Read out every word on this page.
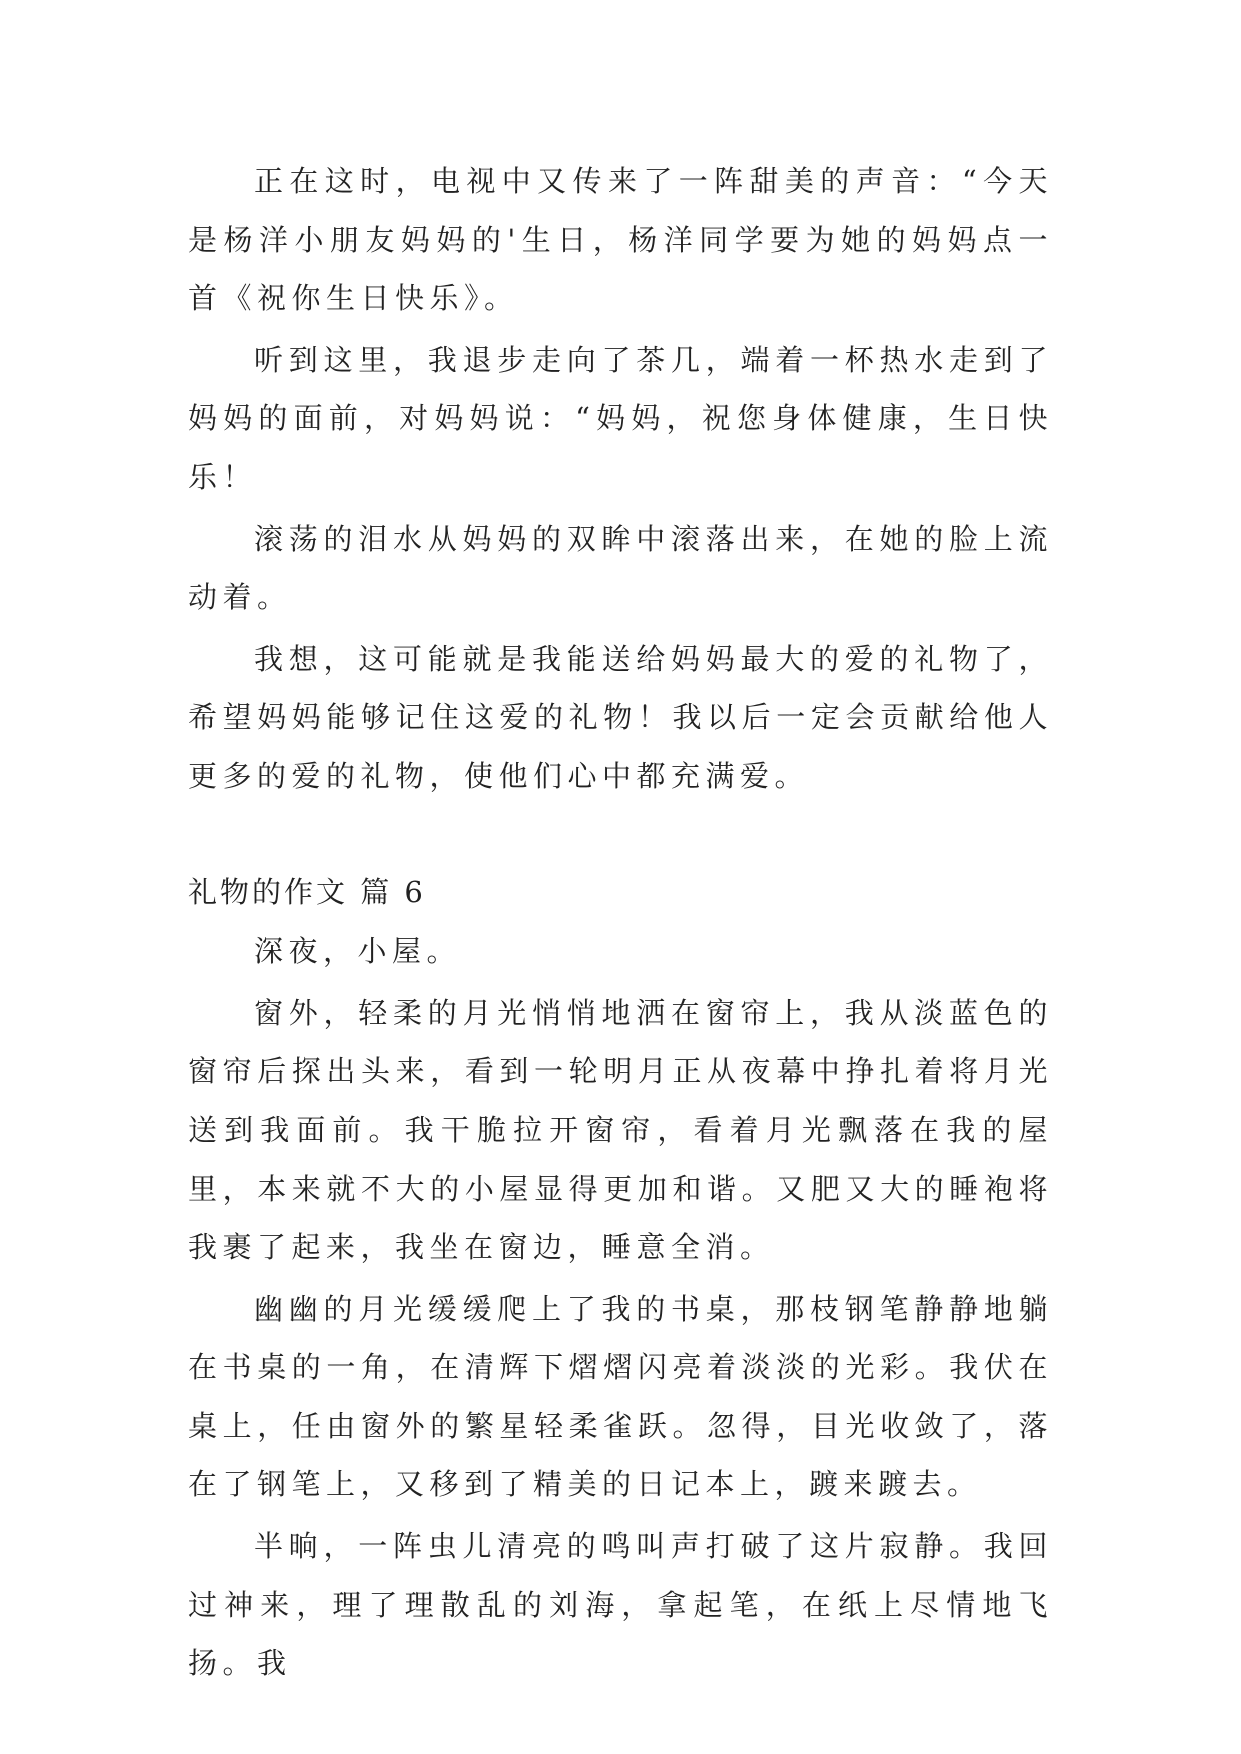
正在这时，电视中又传来了一阵甜美的声音：“今天是杨洋小朋友妈妈的'生日，杨洋同学要为她的妈妈点一首《祝你生日快乐》。

听到这里，我退步走向了茶几，端着一杯热水走到了妈妈的面前，对妈妈说：“妈妈，祝您身体健康，生日快乐！

滚荡的泪水从妈妈的双眸中滚落出来，在她的脸上流动着。

我想，这可能就是我能送给妈妈最大的爱的礼物了，希望妈妈能够记住这爱的礼物！我以后一定会贡献给他人更多的爱的礼物，使他们心中都充满爱。

礼物的作文 篇 6

深夜，小屋。

窗外，轻柔的月光悄悄地洒在窗帘上，我从淡蓝色的窗帘后探出头来，看到一轮明月正从夜幕中挣扎着将月光送到我面前。我干脆拉开窗帘，看着月光飘落在我的屋里，本来就不大的小屋显得更加和谐。又肥又大的睡袍将我裹了起来，我坐在窗边，睡意全消。

幽幽的月光缓缓爬上了我的书桌，那枝钢笔静静地躺在书桌的一角，在清辉下熠熠闪亮着淡淡的光彩。我伏在桌上，任由窗外的繁星轻柔雀跃。忽得，目光收敛了，落在了钢笔上，又移到了精美的日记本上，踱来踱去。

半晌，一阵虫儿清亮的鸣叫声打破了这片寂静。我回过神来，理了理散乱的刘海，拿起笔，在纸上尽情地飞扬。我
